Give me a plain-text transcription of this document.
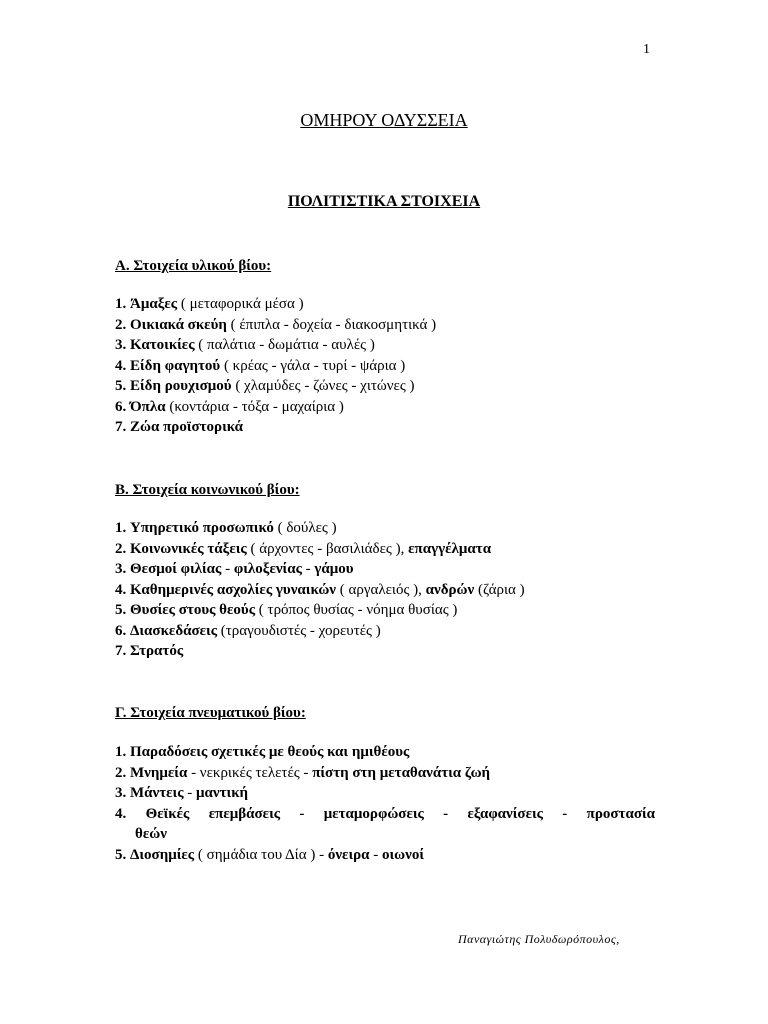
1
ΟΜΗΡΟΥ ΟΔΥΣΣΕΙΑ
ΠΟΛΙΤΙΣΤΙΚΑ ΣΤΟΙΧΕΙΑ
Α. Στοιχεία υλικού βίου:
1. Άμαξες ( μεταφορικά μέσα )
2. Οικιακά σκεύη ( έπιπλα - δοχεία - διακοσμητικά )
3. Κατοικίες ( παλάτια - δωμάτια - αυλές )
4. Είδη φαγητού ( κρέας - γάλα - τυρί - ψάρια )
5. Είδη ρουχισμού ( χλαμύδες - ζώνες - χιτώνες )
6. Όπλα (κοντάρια - τόξα - μαχαίρια )
7. Ζώα προϊστορικά
Β. Στοιχεία κοινωνικού βίου:
1. Υπηρετικό προσωπικό ( δούλες )
2. Κοινωνικές τάξεις ( άρχοντες - βασιλιάδες ), επαγγέλματα
3. Θεσμοί φιλίας - φιλοξενίας - γάμου
4. Καθημερινές ασχολίες γυναικών ( αργαλειός ), ανδρών (ζάρια )
5. Θυσίες στους θεούς ( τρόπος θυσίας - νόημα θυσίας )
6. Διασκεδάσεις (τραγουδιστές - χορευτές )
7. Στρατός
Γ. Στοιχεία πνευματικού βίου:
1. Παραδόσεις σχετικές με θεούς και ημιθέους
2. Μνημεία - νεκρικές τελετές - πίστη στη μεταθανάτια ζωή
3. Μάντεις - μαντική
4. Θεϊκές επεμβάσεις - μεταμορφώσεις - εξαφανίσεις - προστασία
θεών
5. Διοσημίες ( σημάδια του Δία ) - όνειρα - οιωνοί
Παναγιώτης Πολυδωρόπουλος,
